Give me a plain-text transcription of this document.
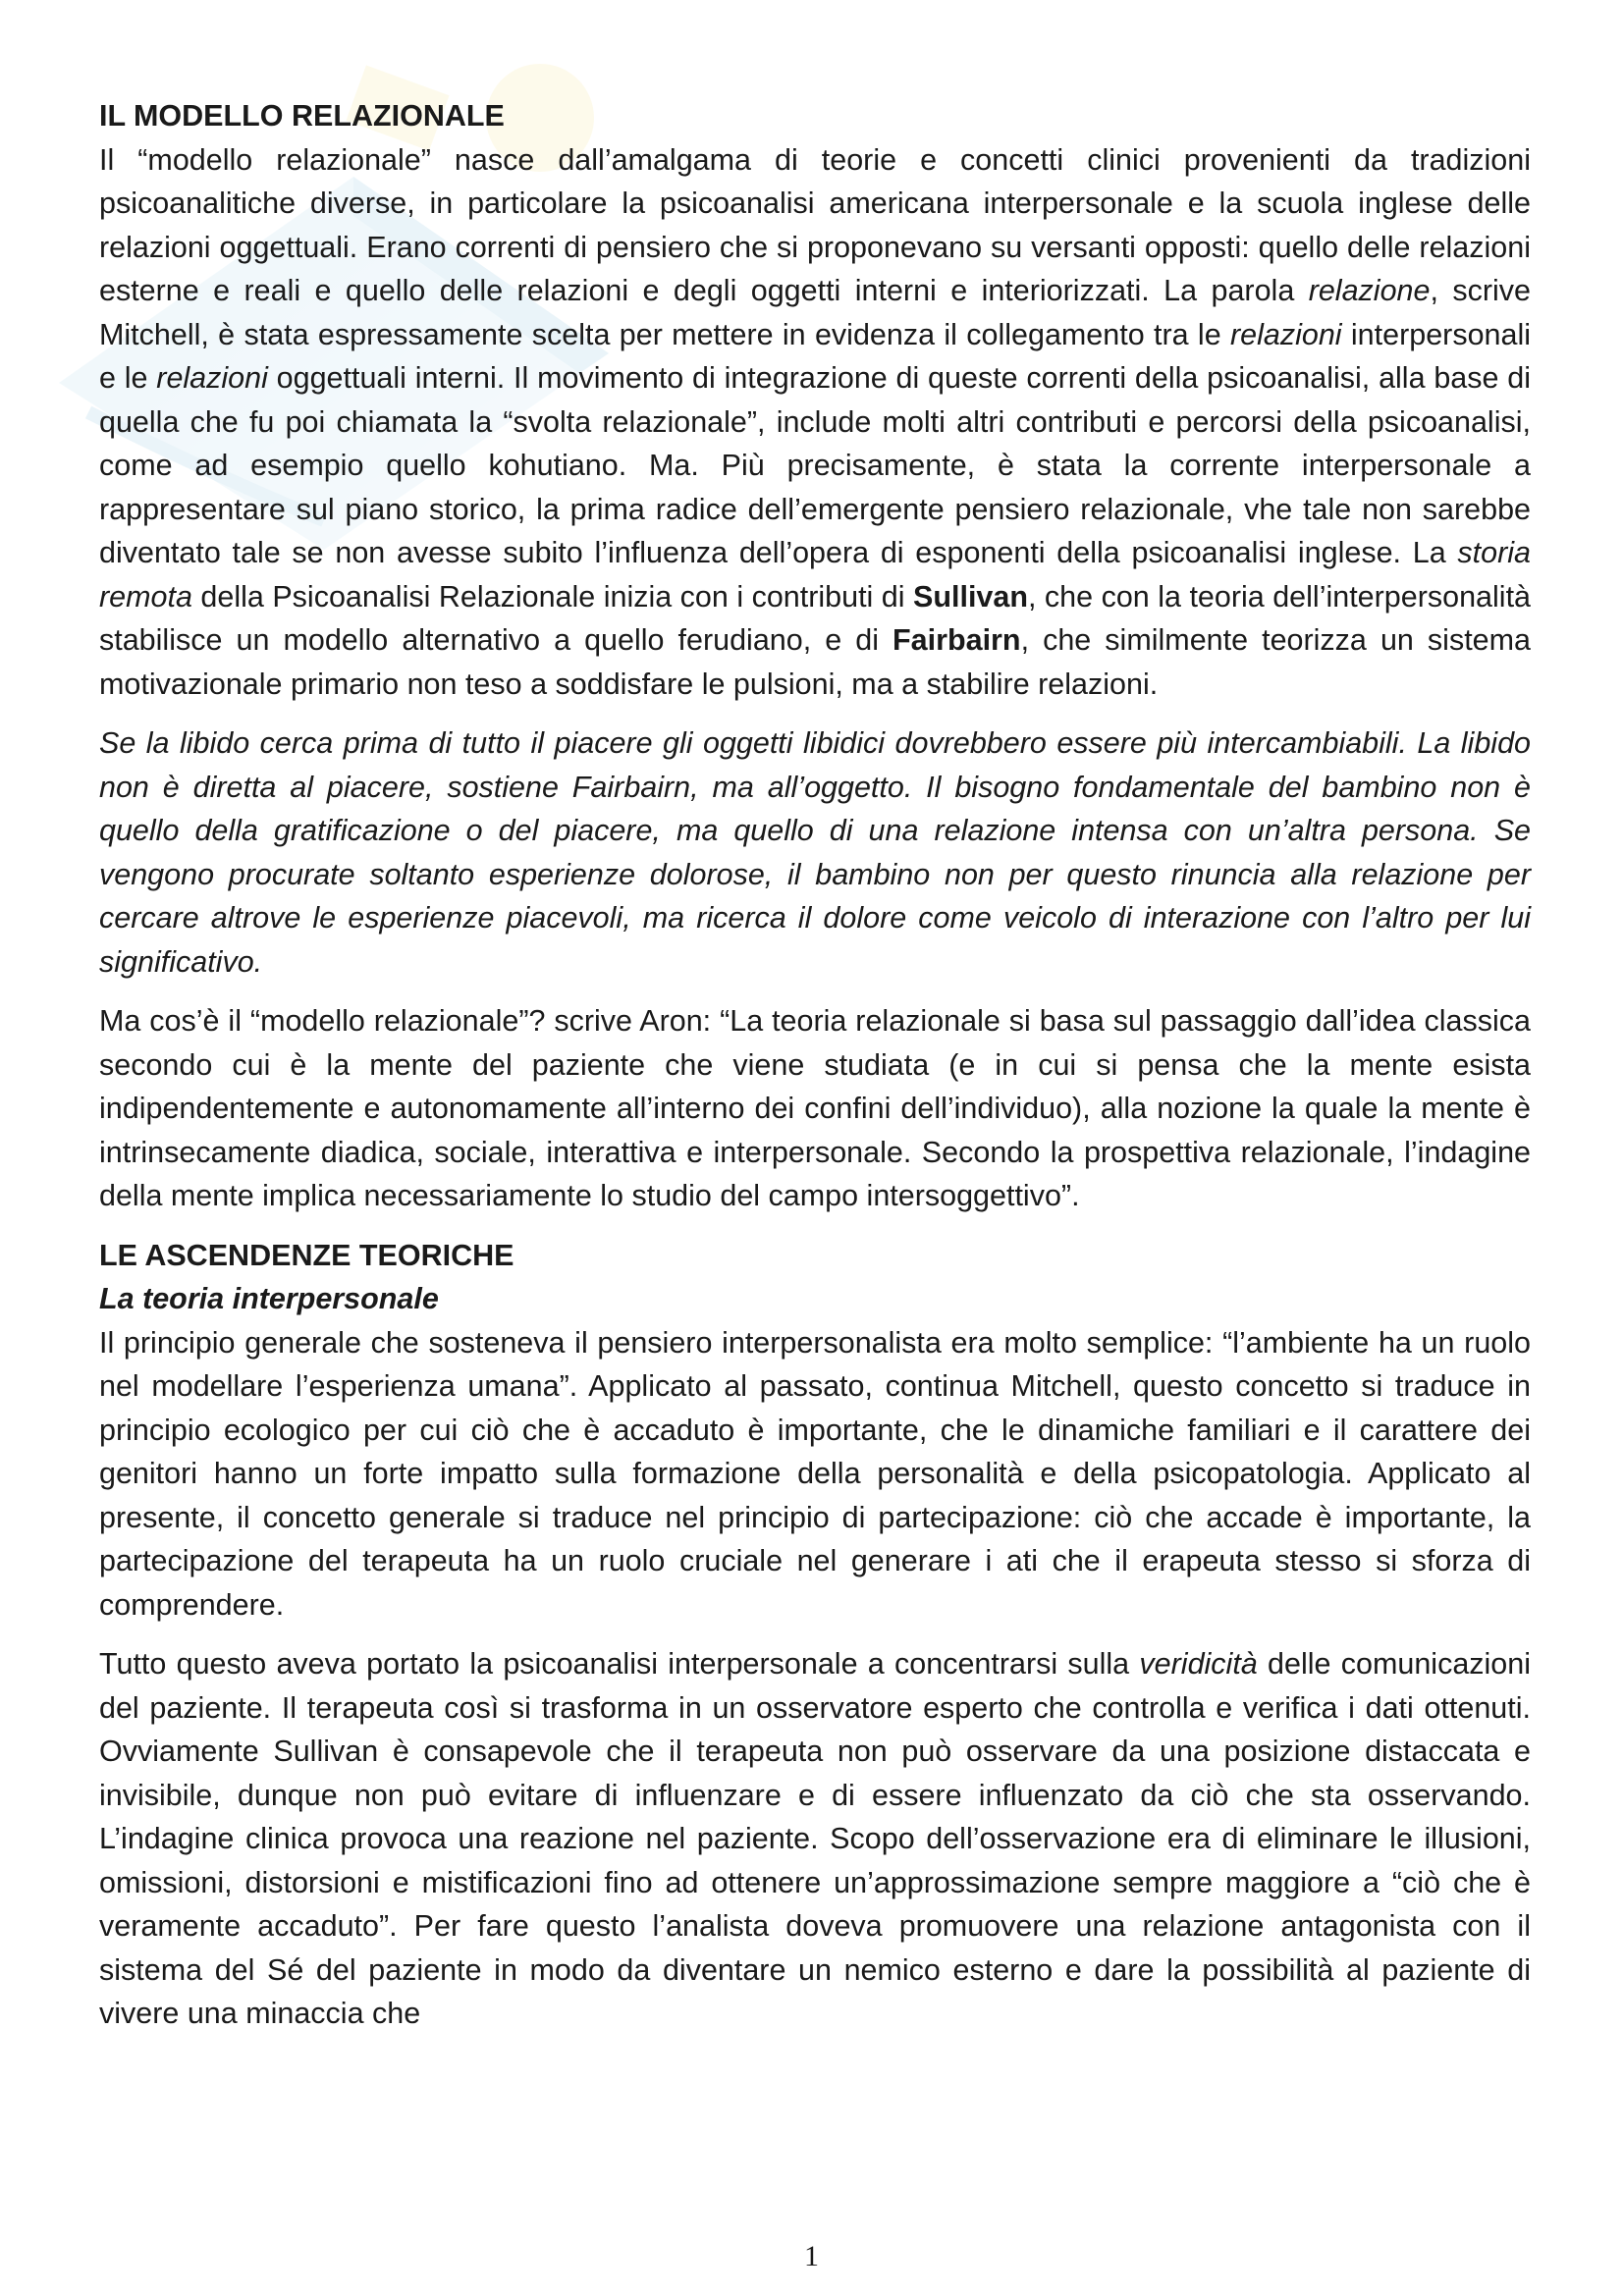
IL MODELLO RELAZIONALE

Il “modello relazionale” nasce dall’amalgama di teorie e concetti clinici provenienti da tradizioni psicoanalitiche diverse, in particolare la psicoanalisi americana interpersonale e la scuola inglese delle relazioni oggettuali. Erano correnti di pensiero che si proponevano su versanti opposti: quello delle relazioni esterne e reali e quello delle relazioni e degli oggetti interni e interiorizzati. La parola relazione, scrive Mitchell, è stata espressamente scelta per mettere in evidenza il collegamento tra le relazioni interpersonali e le relazioni oggettuali interni. Il movimento di integrazione di queste correnti della psicoanalisi, alla base di quella che fu poi chiamata la “svolta relazionale”, include molti altri contributi e percorsi della psicoanalisi, come ad esempio quello kohutiano. Ma. Più precisamente, è stata la corrente interpersonale a rappresentare sul piano storico, la prima radice dell’emergente pensiero relazionale, vhe tale non sarebbe diventato tale se non avesse subito l’influenza dell’opera di esponenti della psicoanalisi inglese. La storia remota della Psicoanalisi Relazionale inizia con i contributi di Sullivan, che con la teoria dell’interpersonalità stabilisce un modello alternativo a quello ferudiano, e di Fairbairn, che similmente teorizza un sistema motivazionale primario non teso a soddisfare le pulsioni, ma a stabilire relazioni.

Se la libido cerca prima di tutto il piacere gli oggetti libidici dovrebbero essere più intercambiabili. La libido non è diretta al piacere, sostiene Fairbairn, ma all’oggetto. Il bisogno fondamentale del bambino non è quello della gratificazione o del piacere, ma quello di una relazione intensa con un’altra persona. Se vengono procurate soltanto esperienze dolorose, il bambino non per questo rinuncia alla relazione per cercare altrove le esperienze piacevoli, ma ricerca il dolore come veicolo di interazione con l’altro per lui significativo.

Ma cos’è il “modello relazionale”? scrive Aron: “La teoria relazionale si basa sul passaggio dall’idea classica secondo cui è la mente del paziente che viene studiata (e in cui si pensa che la mente esista indipendentemente e autonomamente all’interno dei confini dell’individuo), alla nozione la quale la mente è intrinsecamente diadica, sociale, interattiva e interpersonale. Secondo la prospettiva relazionale, l’indagine della mente implica necessariamente lo studio del campo intersoggettivo”.

LE ASCENDENZE TEORICHE

La teoria interpersonale

Il principio generale che sosteneva il pensiero interpersonalista era molto semplice: “l’ambiente ha un ruolo nel modellare l’esperienza umana”. Applicato al passato, continua Mitchell, questo concetto si traduce in principio ecologico per cui ciò che è accaduto è importante, che le dinamiche familiari e il carattere dei genitori hanno un forte impatto sulla formazione della personalità e della psicopatologia. Applicato al presente, il concetto generale si traduce nel principio di partecipazione: ciò che accade è importante, la partecipazione del terapeuta ha un ruolo cruciale nel generare i ati che il erapeuta stesso si sforza di comprendere.

Tutto questo aveva portato la psicoanalisi interpersonale a concentrarsi sulla veridicità delle comunicazioni del paziente. Il terapeuta così si trasforma in un osservatore esperto che controlla e verifica i dati ottenuti. Ovviamente Sullivan è consapevole che il terapeuta non può osservare da una posizione distaccata e invisibile, dunque non può evitare di influenzare e di essere influenzato da ciò che sta osservando. L’indagine clinica provoca una reazione nel paziente. Scopo dell’osservazione era di eliminare le illusioni, omissioni, distorsioni e mistificazioni fino ad ottenere un’approssimazione sempre maggiore a “ciò che è veramente accaduto”. Per fare questo l’analista doveva promuovere una relazione antagonista con il sistema del Sé del paziente in modo da diventare un nemico esterno e dare la possibilità al paziente di vivere una minaccia che

1
